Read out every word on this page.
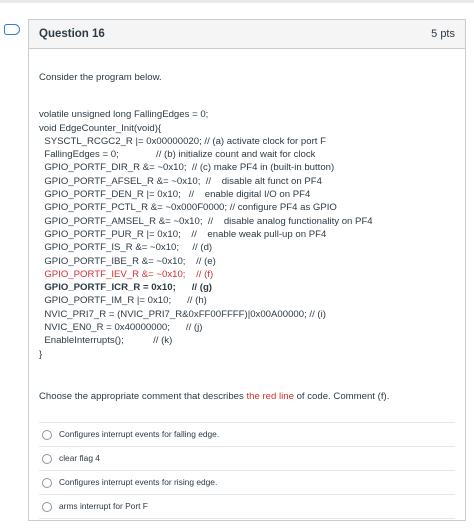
Question 16	5 pts
Consider the program below.
volatile unsigned long FallingEdges = 0;
void EdgeCounter_Init(void){
SYSCTL_RCGC2_R |= 0x00000020; // (a) activate clock for port F
FallingEdges = 0;              // (b) initialize count and wait for clock
GPIO_PORTF_DIR_R &= ~0x10;  // (c) make PF4 in (built-in button)
GPIO_PORTF_AFSEL_R &= ~0x10;  //    disable alt funct on PF4
GPIO_PORTF_DEN_R |= 0x10;   //    enable digital I/O on PF4
GPIO_PORTF_PCTL_R &= ~0x000F0000; // configure PF4 as GPIO
GPIO_PORTF_AMSEL_R &= ~0x10;  //    disable analog functionality on PF4
GPIO_PORTF_PUR_R |= 0x10;    //    enable weak pull-up on PF4
GPIO_PORTF_IS_R &= ~0x10;     // (d)
GPIO_PORTF_IBE_R &= ~0x10;    // (e)
GPIO_PORTF_IEV_R &= ~0x10;    // (f)
GPIO_PORTF_ICR_R = 0x10;      // (g)
GPIO_PORTF_IM_R |= 0x10;      // (h)
NVIC_PRI7_R = (NVIC_PRI7_R&0xFF00FFFF)|0x00A00000; // (i)
NVIC_EN0_R = 0x40000000;      // (j)
EnableInterrupts();           // (k)
}
Choose the appropriate comment that describes the red line of code. Comment (f).
Configures interrupt events for falling edge.
clear flag 4
Configures interrupt events for rising edge.
arms interrupt for Port F
